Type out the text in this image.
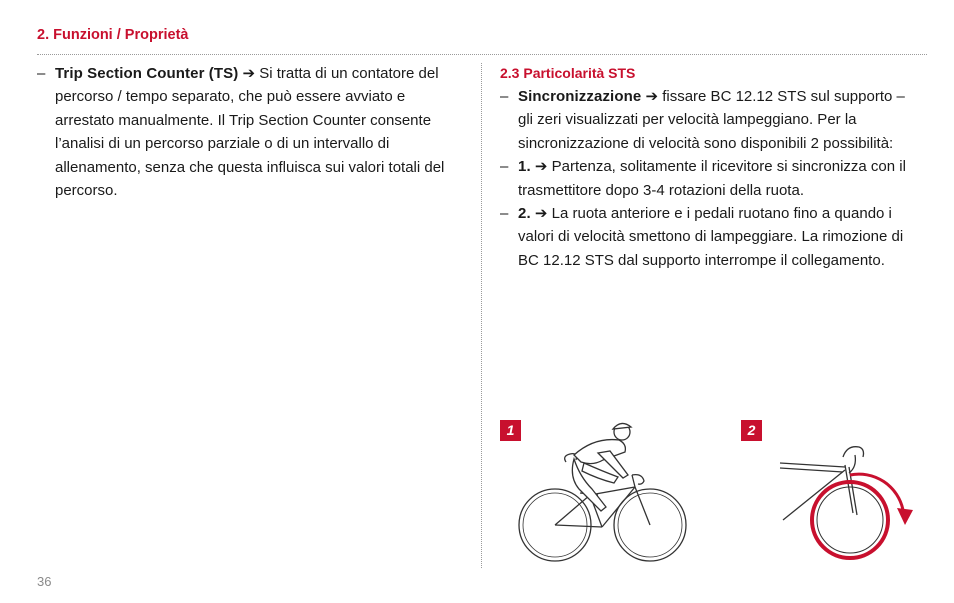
2. Funzioni / Proprietà
– Trip Section Counter (TS) ➔ Si tratta di un contatore del percorso / tempo separato, che può essere avviato e arrestato manualmente. Il Trip Section Counter consente l’analisi di un percorso parziale o di un intervallo di allenamento, senza che questa influisca sui valori totali del percorso.
2.3 Particolarità STS
– Sincronizzazione ➔ fissare BC 12.12 STS sul supporto – gli zeri visualizzati per velocità lampeggiano. Per la sincronizzazione di velocità sono disponibili 2 possibilità:
– 1. ➔ Partenza, solitamente il ricevitore si sincronizza con il trasmettitore dopo 3-4 rotazioni della ruota.
– 2. ➔ La ruota anteriore e i pedali ruotano fino a quando i valori di velocità smettono di lampeggiare. La rimozione di BC 12.12 STS dal supporto interrompe il collegamento.
1	2
36
